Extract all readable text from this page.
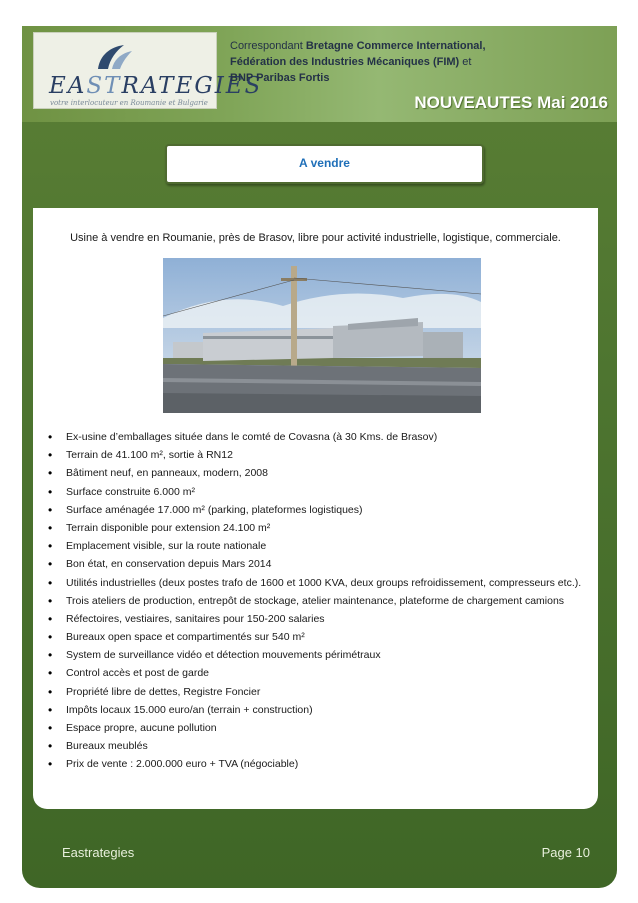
EASTRATEGIES
votre interlocuteur en Roumanie et Bulgarie
Correspondant Bretagne Commerce International,
Fédération des Industries Mécaniques (FIM) et
BNP Paribas Fortis
NOUVEAUTES Mai 2016
A vendre
Usine à vendre en Roumanie, près de Brasov, libre pour activité industrielle, logistique, commerciale.
• Ex-usine d’emballages située dans le comté de Covasna (à 30 Kms. de Brasov)
• Terrain de 41.100 m², sortie à RN12
• Bâtiment neuf, en panneaux, modern, 2008
• Surface construite 6.000 m²
• Surface aménagée 17.000 m² (parking, plateformes logistiques)
• Terrain disponible pour extension 24.100 m²
• Emplacement visible, sur la route nationale
• Bon état, en conservation depuis Mars 2014
• Utilités industrielles (deux postes trafo de 1600 et 1000 KVA, deux groups refroidissement, compresseurs etc.).
• Trois ateliers de production, entrepôt de stockage, atelier maintenance, plateforme de chargement camions
• Réfectoires, vestiaires, sanitaires pour 150-200 salaries
• Bureaux open space et compartimentés sur 540 m²
• System de surveillance vidéo et détection mouvements périmétraux
• Control accès et post de garde
• Propriété libre de dettes, Registre Foncier
• Impôts locaux 15.000 euro/an (terrain + construction)
• Espace propre, aucune pollution
• Bureaux meublés
• Prix de vente : 2.000.000 euro + TVA (négociable)
Eastrategies	Page 10
